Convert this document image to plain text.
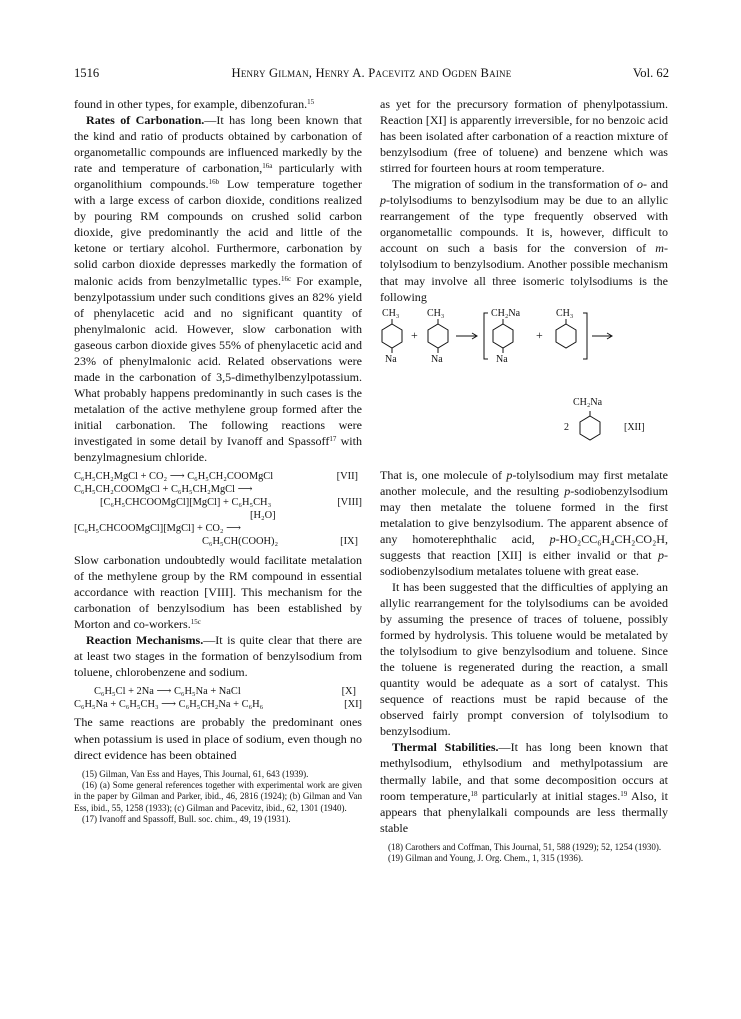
1516	Henry Gilman, Henry A. Pacevitz and Ogden Baine	Vol. 62

found in other types, for example, dibenzofuran.$^{15}$

Rates of Carbonation.—It has long been known that the kind and ratio of products obtained by carbonation of organometallic compounds are influenced markedly by the rate and temperature of carbonation,$^{16a}$ particularly with organolithium compounds.$^{16b}$ Low temperature together with a large excess of carbon dioxide, conditions realized by pouring RM compounds on crushed solid carbon dioxide, give predominantly the acid and little of the ketone or tertiary alcohol. Furthermore, carbonation by solid carbon dioxide depresses markedly the formation of malonic acids from benzylmetallic types.$^{16c}$ For example, benzylpotassium under such conditions gives an 82% yield of phenylacetic acid and no significant quantity of phenylmalonic acid. However, slow carbonation with gaseous carbon dioxide gives 55% of phenylacetic acid and 23% of phenylmalonic acid. Related observations were made in the carbonation of 3,5-dimethylbenzylpotassium. What probably happens predominantly in such cases is the metalation of the active methylene group formed after the initial carbonation. The following reactions were investigated in some detail by Ivanoff and Spassoff$^{17}$ with benzylmagnesium chloride.

C₆H₅CH₂MgCl + CO₂ ⟶ C₆H₅CH₂COOMgCl	[VII]
C₆H₅CH₂COOMgCl + C₆H₅CH₂MgCl ⟶
[C₆H₅CHCOOMgCl][MgCl] + C₆H₅CH₃	[VIII]
[H₂O]
[C₆H₅CHCOOMgCl][MgCl] + CO₂ ⟶
C₆H₅CH(COOH)₂	[IX]

Slow carbonation undoubtedly would facilitate metalation of the methylene group by the RM compound in essential accordance with reaction [VIII]. This mechanism for the carbonation of benzylsodium has been established by Morton and co-workers.$^{15c}$

Reaction Mechanisms.—It is quite clear that there are at least two stages in the formation of benzylsodium from toluene, chlorobenzene and sodium.

C₆H₅Cl + 2Na ⟶ C₆H₅Na + NaCl	[X]
C₆H₅Na + C₆H₅CH₃ ⟶ C₆H₅CH₂Na + C₆H₆	[XI]

The same reactions are probably the predominant ones when potassium is used in place of sodium, even though no direct evidence has been obtained

(15) Gilman, Van Ess and Hayes, This Journal, 61, 643 (1939).

(16) (a) Some general references together with experimental work are given in the paper by Gilman and Parker, ibid., 46, 2816 (1924); (b) Gilman and Van Ess, ibid., 55, 1258 (1933); (c) Gilman and Pacevitz, ibid., 62, 1301 (1940).

(17) Ivanoff and Spassoff, Bull. soc. chim., 49, 19 (1931).

as yet for the precursory formation of phenylpotassium. Reaction [XI] is apparently irreversible, for no benzoic acid has been isolated after carbonation of a reaction mixture of benzylsodium (free of toluene) and benzene which was stirred for fourteen hours at room temperature.

The migration of sodium in the transformation of o- and p-tolylsodiums to benzylsodium may be due to an allylic rearrangement of the type frequently observed with organometallic compounds. It is, however, difficult to account on such a basis for the conversion of m-tolylsodium to benzylsodium. Another possible mechanism that may involve all three isomeric tolylsodiums is the following

CH₃	CH₃
+
Na	Na
CH₂Na
Na
+
CH₃
CH₂Na
2	[XII]

That is, one molecule of p-tolylsodium may first metalate another molecule, and the resulting p-sodiobenzylsodium may then metalate the toluene formed in the first metalation to give benzylsodium. The apparent absence of any homoterephthalic acid, p-HO₂CC₆H₄CH₂CO₂H, suggests that reaction [XII] is either invalid or that p-sodiobenzylsodium metalates toluene with great ease.

It has been suggested that the difficulties of applying an allylic rearrangement for the tolylsodiums can be avoided by assuming the presence of traces of toluene, possibly formed by hydrolysis. This toluene would be metalated by the tolylsodium to give benzylsodium and toluene. Since the toluene is regenerated during the reaction, a small quantity would be adequate as a sort of catalyst. This sequence of reactions must be rapid because of the observed fairly prompt conversion of tolylsodium to benzylsodium.

Thermal Stabilities.—It has long been known that methylsodium, ethylsodium and methylpotassium are thermally labile, and that some decomposition occurs at room temperature,$^{18}$ particularly at initial stages.$^{19}$ Also, it appears that phenylalkali compounds are less thermally stable

(18) Carothers and Coffman, This Journal, 51, 588 (1929); 52, 1254 (1930).

(19) Gilman and Young, J. Org. Chem., 1, 315 (1936).
